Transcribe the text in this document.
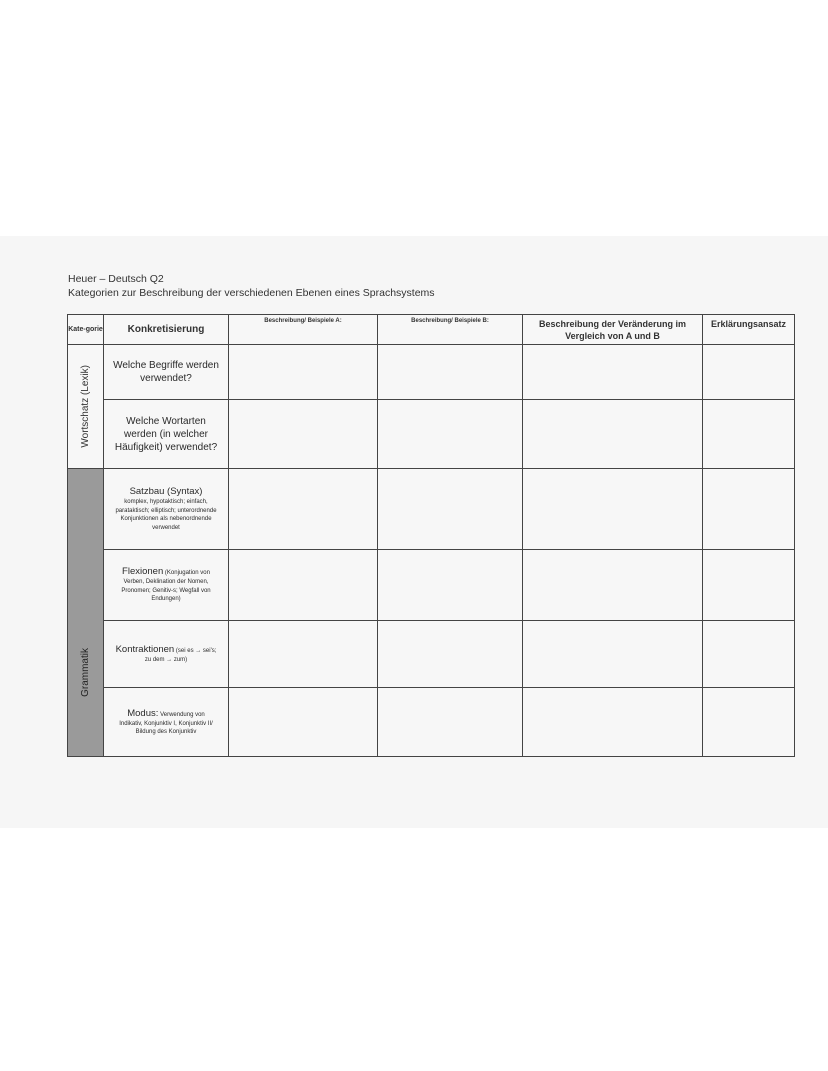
Heuer – Deutsch Q2
Kategorien zur Beschreibung der verschiedenen Ebenen eines Sprachsystems
Kate-gorie	Konkretisierung	Beschreibung/ Beispiele A:	Beschreibung/ Beispiele B:	Beschreibung der Veränderung im Vergleich von A und B	Erklärungsansatz

Wortschatz (Lexik)	Welche Begriffe werden verwendet?				
	Welche Wortarten werden (in welcher Häufigkeit) verwendet?				

Grammatik	Satzbau (Syntax)
komplex, hypotaktisch; einfach, parataktisch; elliptisch; unterordnende Konjunktionen als nebenordnende verwendet				

	Flexionen (Konjugation von
Verben, Deklination der Nomen, Pronomen; Genitiv-s; Wegfall von Endungen)				

	Kontraktionen (sei es → sei's;
zu dem → zum)				

	Modus: Verwendung von
Indikativ, Konjunktiv I, Konjunktiv II/ Bildung des Konjunktiv				
